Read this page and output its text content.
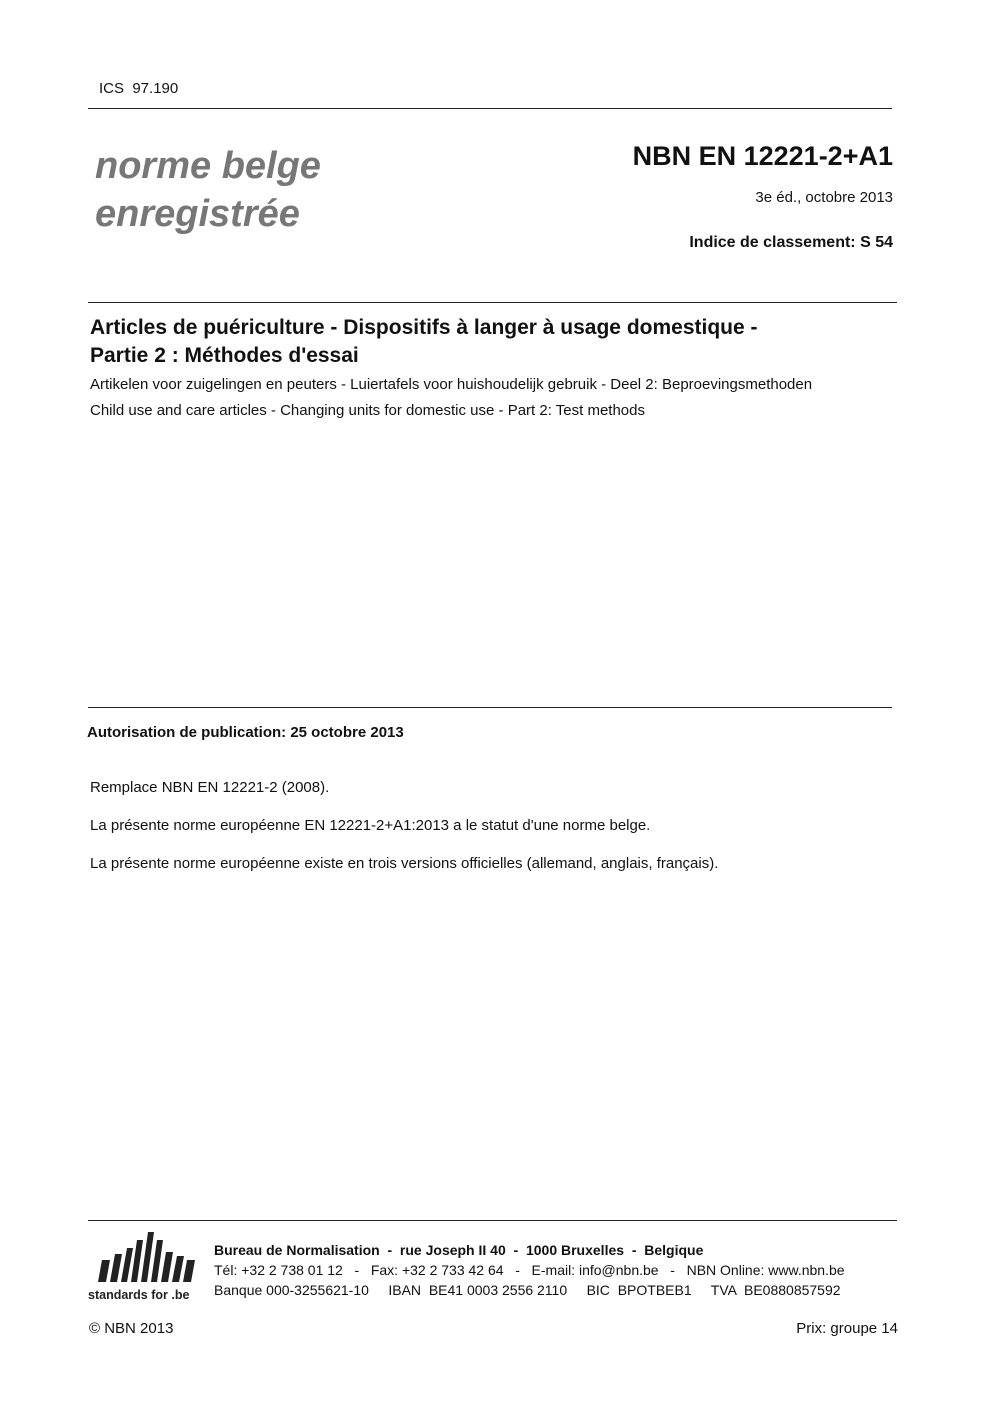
ICS  97.190
norme belge
enregistrée
NBN EN 12221-2+A1
3e éd., octobre 2013
Indice de classement: S 54
Articles de puériculture - Dispositifs à langer à usage domestique -
Partie 2 : Méthodes d'essai
Artikelen voor zuigelingen en peuters - Luiertafels voor huishoudelijk gebruik - Deel 2: Beproevingsmethoden
Child use and care articles - Changing units for domestic use - Part 2: Test methods
Autorisation de publication: 25 octobre 2013
Remplace NBN EN 12221-2 (2008).
La présente norme européenne EN 12221-2+A1:2013 a le statut d'une norme belge.
La présente norme européenne existe en trois versions officielles (allemand, anglais, français).
standards for .be
Bureau de Normalisation  -  rue Joseph II 40  -  1000 Bruxelles  -  Belgique
Tél: +32 2 738 01 12   -   Fax: +32 2 733 42 64   -   E-mail: info@nbn.be   -   NBN Online: www.nbn.be
Banque 000-3255621-10     IBAN  BE41 0003 2556 2110     BIC  BPOTBEB1     TVA  BE0880857592
© NBN 2013	Prix: groupe 14
